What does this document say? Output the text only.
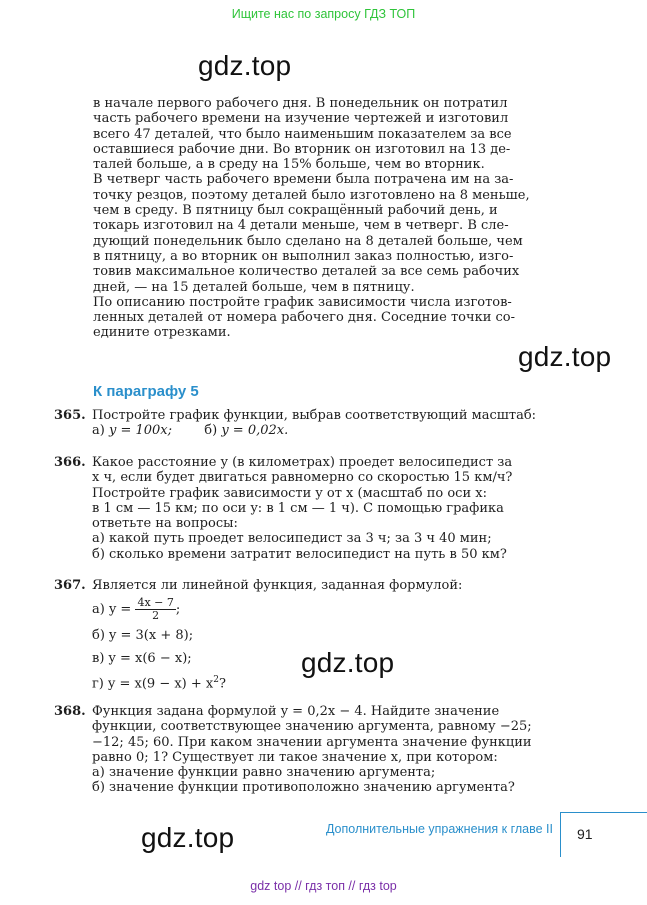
Ищите нас по запросу ГДЗ ТОП
gdz.top
gdz.top
gdz.top
gdz.top
в начале первого рабочего дня. В понедельник он потратил
часть рабочего времени на изучение чертежей и изготовил
всего 47 деталей, что было наименьшим показателем за все
оставшиеся рабочие дни. Во вторник он изготовил на 13 де-
талей больше, а в среду на 15% больше, чем во вторник.
В четверг часть рабочего времени была потрачена им на за-
точку резцов, поэтому деталей было изготовлено на 8 меньше,
чем в среду. В пятницу был сокращённый рабочий день, и
токарь изготовил на 4 детали меньше, чем в четверг. В сле-
дующий понедельник было сделано на 8 деталей больше, чем
в пятницу, а во вторник он выполнил заказ полностью, изго-
товив максимальное количество деталей за все семь рабочих
дней, — на 15 деталей больше, чем в пятницу.
По описанию постройте график зависимости числа изготов-
ленных деталей от номера рабочего дня. Соседние точки со-
едините отрезками.
К параграфу 5
365. Постройте график функции, выбрав соответствующий масштаб:
а) y = 100x; б) y = 0,02x.
366. Какое расстояние y (в километрах) проедет велосипедист за
x ч, если будет двигаться равномерно со скоростью 15 км/ч?
Постройте график зависимости y от x (масштаб по оси x:
в 1 см — 15 км; по оси y: в 1 см — 1 ч). С помощью графика
ответьте на вопросы:
а) какой путь проедет велосипедист за 3 ч; за 3 ч 40 мин;
б) сколько времени затратит велосипедист на путь в 50 км?
367. Является ли линейной функция, заданная формулой:
а) $y = \frac{4x - 7}{2}$ ;
б) y = 3(x + 8);
в) y = x(6 − x);
г) $y = x(9 - x) + x^2$?
368. Функция задана формулой y = 0,2x − 4. Найдите значение
функции, соответствующее значению аргумента, равному −25;
−12; 45; 60. При каком значении аргумента значение функции
равно 0; 1? Существует ли такое значение x, при котором:
а) значение функции равно значению аргумента;
б) значение функции противоположно значению аргумента?
Дополнительные упражнения к главе II 91
gdz top // гдз топ // гдз top
